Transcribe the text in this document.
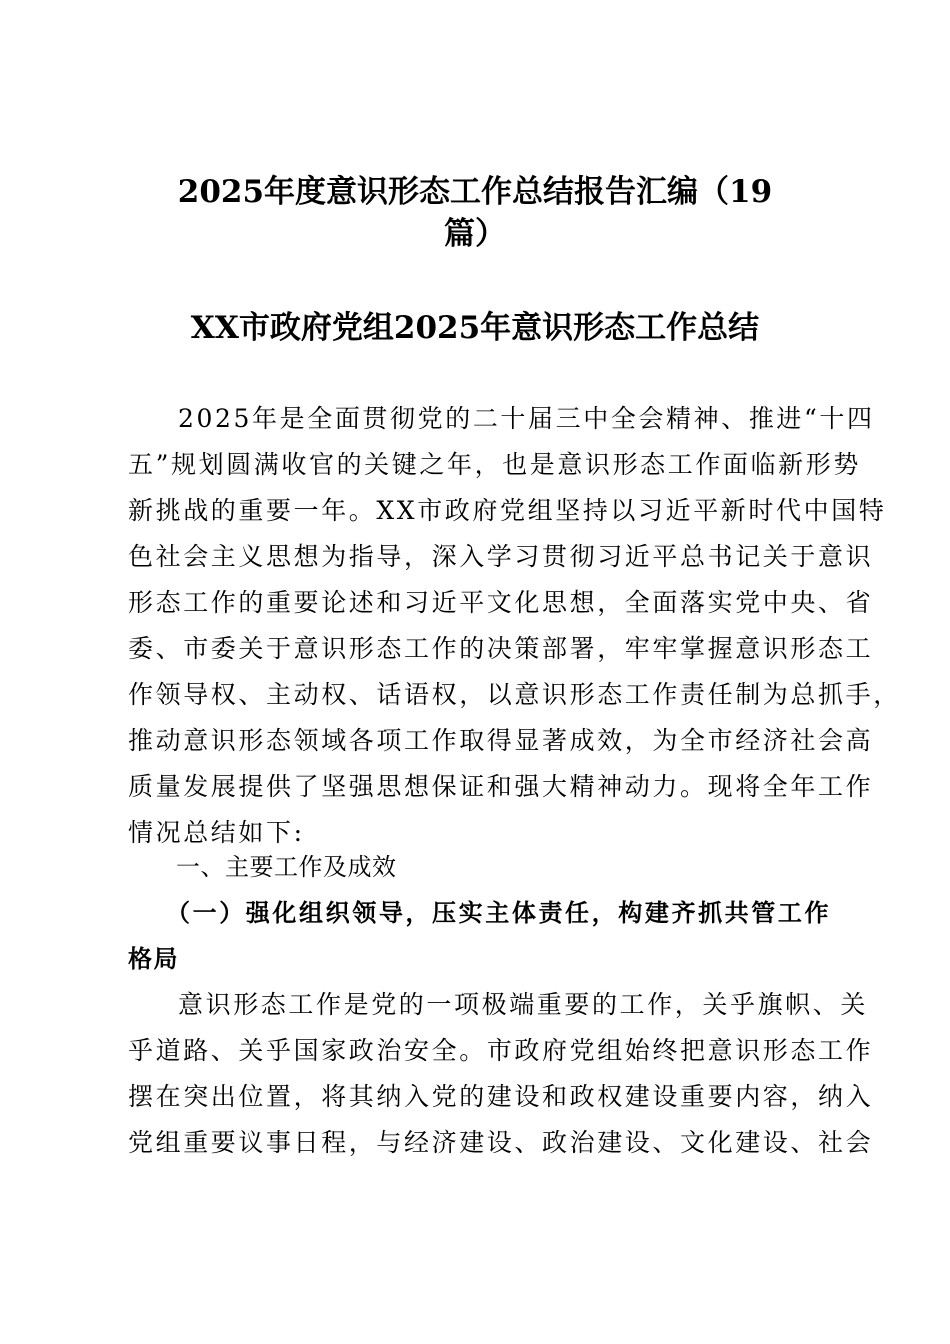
2025年度意识形态工作总结报告汇编（19
篇）
XX市政府党组2025年意识形态工作总结
2025年是全面贯彻党的二十届三中全会精神、推进“十四
五”规划圆满收官的关键之年，也是意识形态工作面临新形势
新挑战的重要一年。XX市政府党组坚持以习近平新时代中国特
色社会主义思想为指导，深入学习贯彻习近平总书记关于意识
形态工作的重要论述和习近平文化思想，全面落实党中央、省
委、市委关于意识形态工作的决策部署，牢牢掌握意识形态工
作领导权、主动权、话语权，以意识形态工作责任制为总抓手，
推动意识形态领域各项工作取得显著成效，为全市经济社会高
质量发展提供了坚强思想保证和强大精神动力。现将全年工作
情况总结如下:
一、主要工作及成效
（一）强化组织领导，压实主体责任，构建齐抓共管工作
格局
意识形态工作是党的一项极端重要的工作，关乎旗帜、关
乎道路、关乎国家政治安全。市政府党组始终把意识形态工作
摆在突出位置，将其纳入党的建设和政权建设重要内容，纳入
党组重要议事日程，与经济建设、政治建设、文化建设、社会
